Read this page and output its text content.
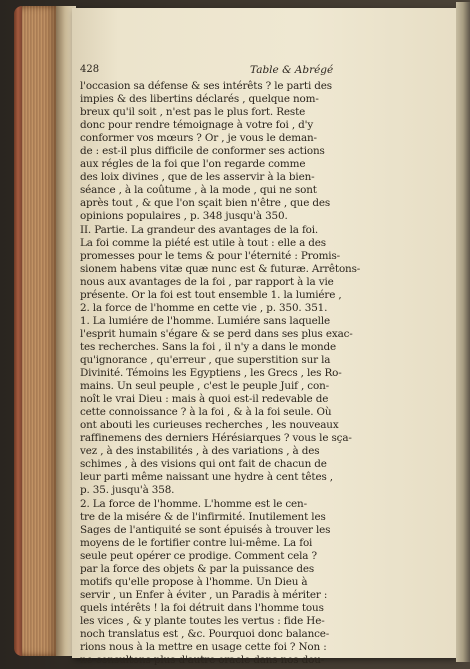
428	Table & Abrégé
l'occasion sa défense & ses intérêts ? le parti des
impies & des libertins déclarés , quelque nom-
breux qu'il soit , n'est pas le plus fort. Reste
donc pour rendre témoignage à votre foi , d'y
conformer vos mœurs ? Or , je vous le deman-
de : est-il plus difficile de conformer ses actions
aux régles de la foi que l'on regarde comme
des loix divines , que de les asservir à la bien-
séance , à la coûtume , à la mode , qui ne sont
après tout , & que l'on sçait bien n'être , que des
opinions populaires , p. 348 jusqu'à 350.
II. Partie. La grandeur des avantages de la foi.
La foi comme la piété est utile à tout : elle a des
promesses pour le tems & pour l'éternité : Promis-
sionem habens vitæ quæ nunc est & futuræ. Arrêtons-
nous aux avantages de la foi , par rapport à la vie
présente. Or la foi est tout ensemble 1. la lumiére ,
2. la force de l'homme en cette vie , p. 350. 351.
1. La lumiére de l'homme. Lumiére sans laquelle
l'esprit humain s'égare & se perd dans ses plus exac-
tes recherches. Sans la foi , il n'y a dans le monde
qu'ignorance , qu'erreur , que superstition sur la
Divinité. Témoins les Egyptiens , les Grecs , les Ro-
mains. Un seul peuple , c'est le peuple Juif , con-
noît le vrai Dieu : mais à quoi est-il redevable de
cette connoissance ? à la foi , & à la foi seule. Où
ont abouti les curieuses recherches , les nouveaux
raffinemens des derniers Hérésiarques ? vous le sça-
vez , à des instabilités , à des variations , à des
schimes , à des visions qui ont fait de chacun de
leur parti même naissant une hydre à cent têtes ,
p. 35. jusqu'à 358.
2. La force de l'homme. L'homme est le cen-
tre de la misére & de l'infirmité. Inutilement les
Sages de l'antiquité se sont épuisés à trouver les
moyens de le fortifier contre lui-même. La foi
seule peut opérer ce prodige. Comment cela ?
par la force des objets & par la puissance des
motifs qu'elle propose à l'homme. Un Dieu à
servir , un Enfer à éviter , un Paradis à mériter :
quels intérêts ! la foi détruit dans l'homme tous
les vices , & y plante toutes les vertus : fide He-
noch translatus est , &c. Pourquoi donc balance-
rions nous à la mettre en usage cette foi ? Non :
ne consultons plus d'autre oracle dans nos dou-
